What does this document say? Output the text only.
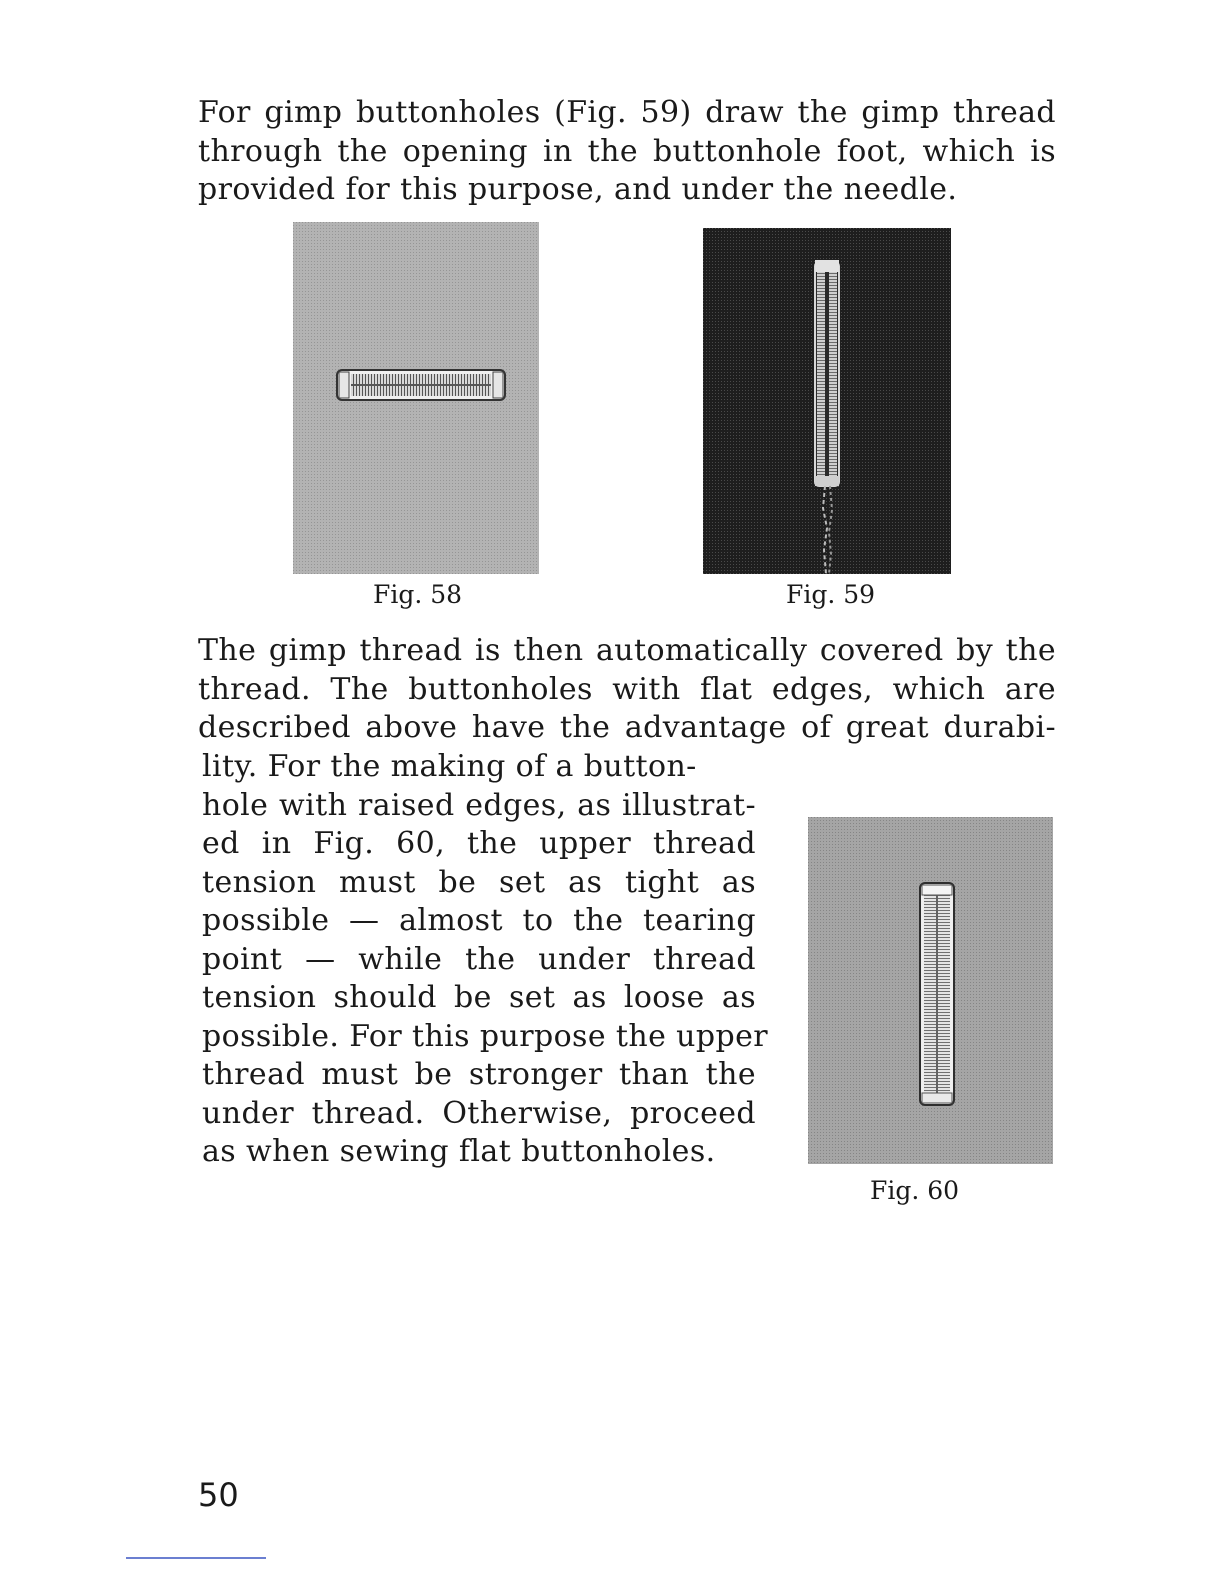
For gimp buttonholes (Fig. 59) draw the gimp thread
through the opening in the buttonhole foot, which is
provided for this purpose, and under the needle.
Fig. 58	Fig. 59
The gimp thread is then automatically covered by the
thread. The buttonholes with flat edges, which are
described above have the advantage of great durabi-
lity. For the making of a button-
hole with raised edges, as illustrat-
ed in Fig. 60, the upper thread
tension must be set as tight as
possible — almost to the tearing
point — while the under thread
tension should be set as loose as
possible. For this purpose the upper
thread must be stronger than the
under thread. Otherwise, proceed
as when sewing flat buttonholes.
Fig. 60
50
